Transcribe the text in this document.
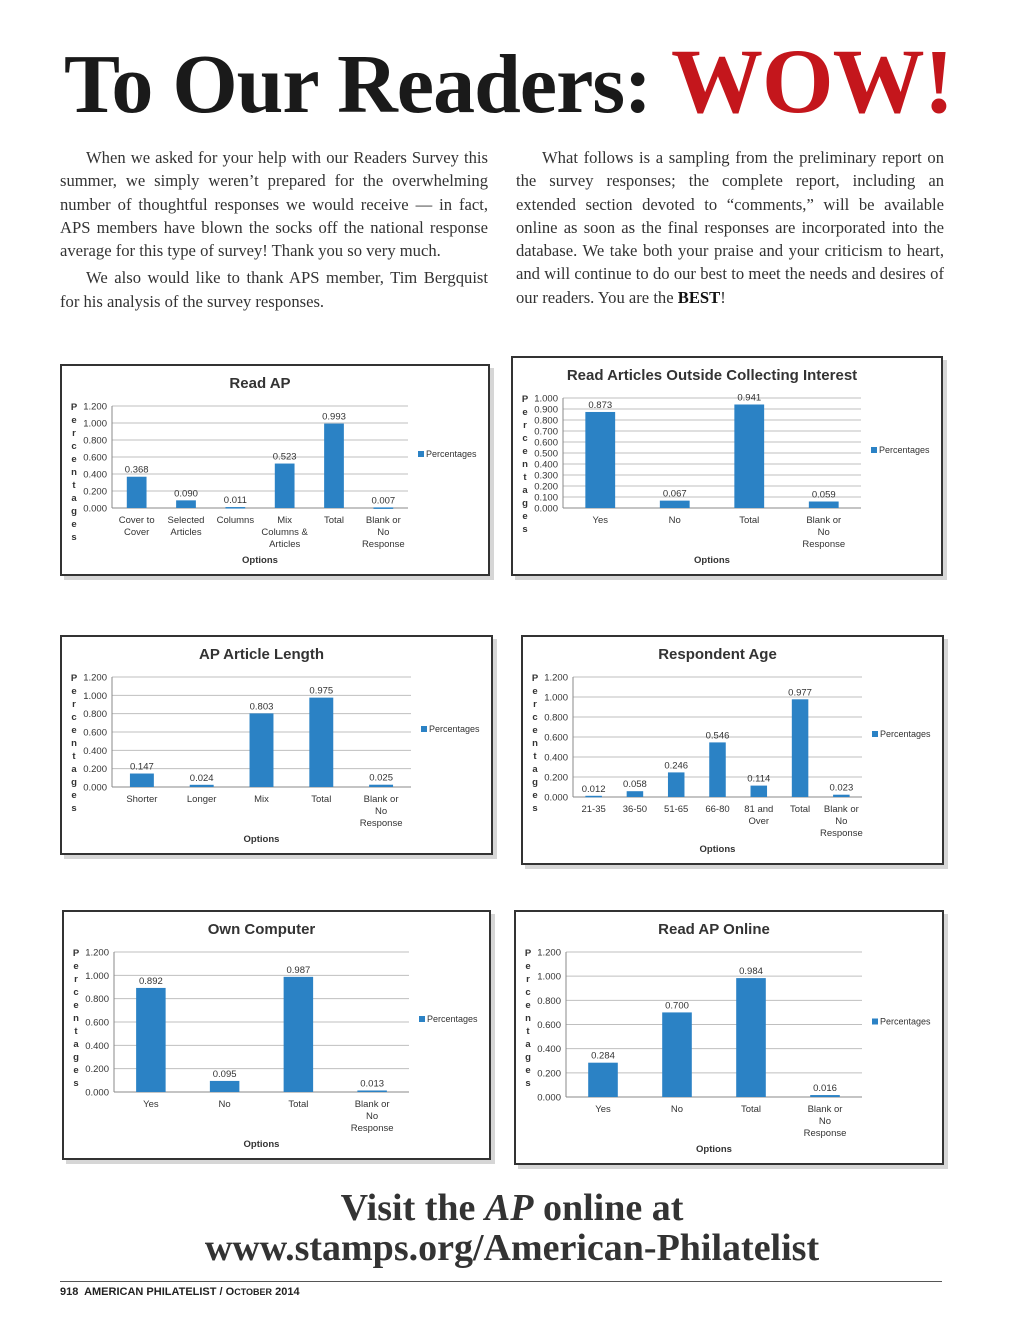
To Our Readers: WOW!

When we asked for your help with our Readers Survey this summer, we simply weren’t prepared for the overwhelming number of thoughtful responses we would receive — in fact, APS members have blown the socks off the national response average for this type of survey! Thank you so very much.

We also would like to thank APS member, Tim Bergquist for his analysis of the survey responses.

What follows is a sampling from the preliminary report on the survey responses; the complete report, including an extended section devoted to “comments,” will be available online as soon as the final responses are incorporated into the database. We take both your praise and your criticism to heart, and will continue to do our best to meet the needs and desires of our readers. You are the BEST!

Read AP
0.000
0.200
0.400
0.600
0.800
1.000
1.200
P e r c e n t a g e s
0.368
Cover to Cover
0.090
Selected Articles
0.011
Columns
0.523
Mix Columns & Articles
0.993
Total
0.007
Blank or No Response
Options
Percentages
Read Articles Outside Collecting Interest
0.000
0.100
0.200
0.300
0.400
0.500
0.600
0.700
0.800
0.900
1.000
P e r c e n t a g e s
0.873
Yes
0.067
No
0.941
Total
0.059
Blank or No Response
Options
Percentages
AP Article Length
0.000
0.200
0.400
0.600
0.800
1.000
1.200
P e r c e n t a g e s
0.147
Shorter
0.024
Longer
0.803
Mix
0.975
Total
0.025
Blank or No Response
Options
Percentages
Respondent Age
0.000
0.200
0.400
0.600
0.800
1.000
1.200
P e r c e n t a g e s
0.012
21-35
0.058
36-50
0.246
51-65
0.546
66-80
0.114
81 and Over
0.977
Total
0.023
Blank or No Response
Options
Percentages
Own Computer
0.000
0.200
0.400
0.600
0.800
1.000
1.200
P e r c e n t a g e s
0.892
Yes
0.095
No
0.987
Total
0.013
Blank or No Response
Options
Percentages
Read AP Online
0.000
0.200
0.400
0.600
0.800
1.000
1.200
P e r c e n t a g e s
0.284
Yes
0.700
No
0.984
Total
0.016
Blank or No Response
Options
Percentages
Visit the AP online at
www.stamps.org/American-Philatelist
918 AMERICAN PHILATELIST / OCTOBER 2014
